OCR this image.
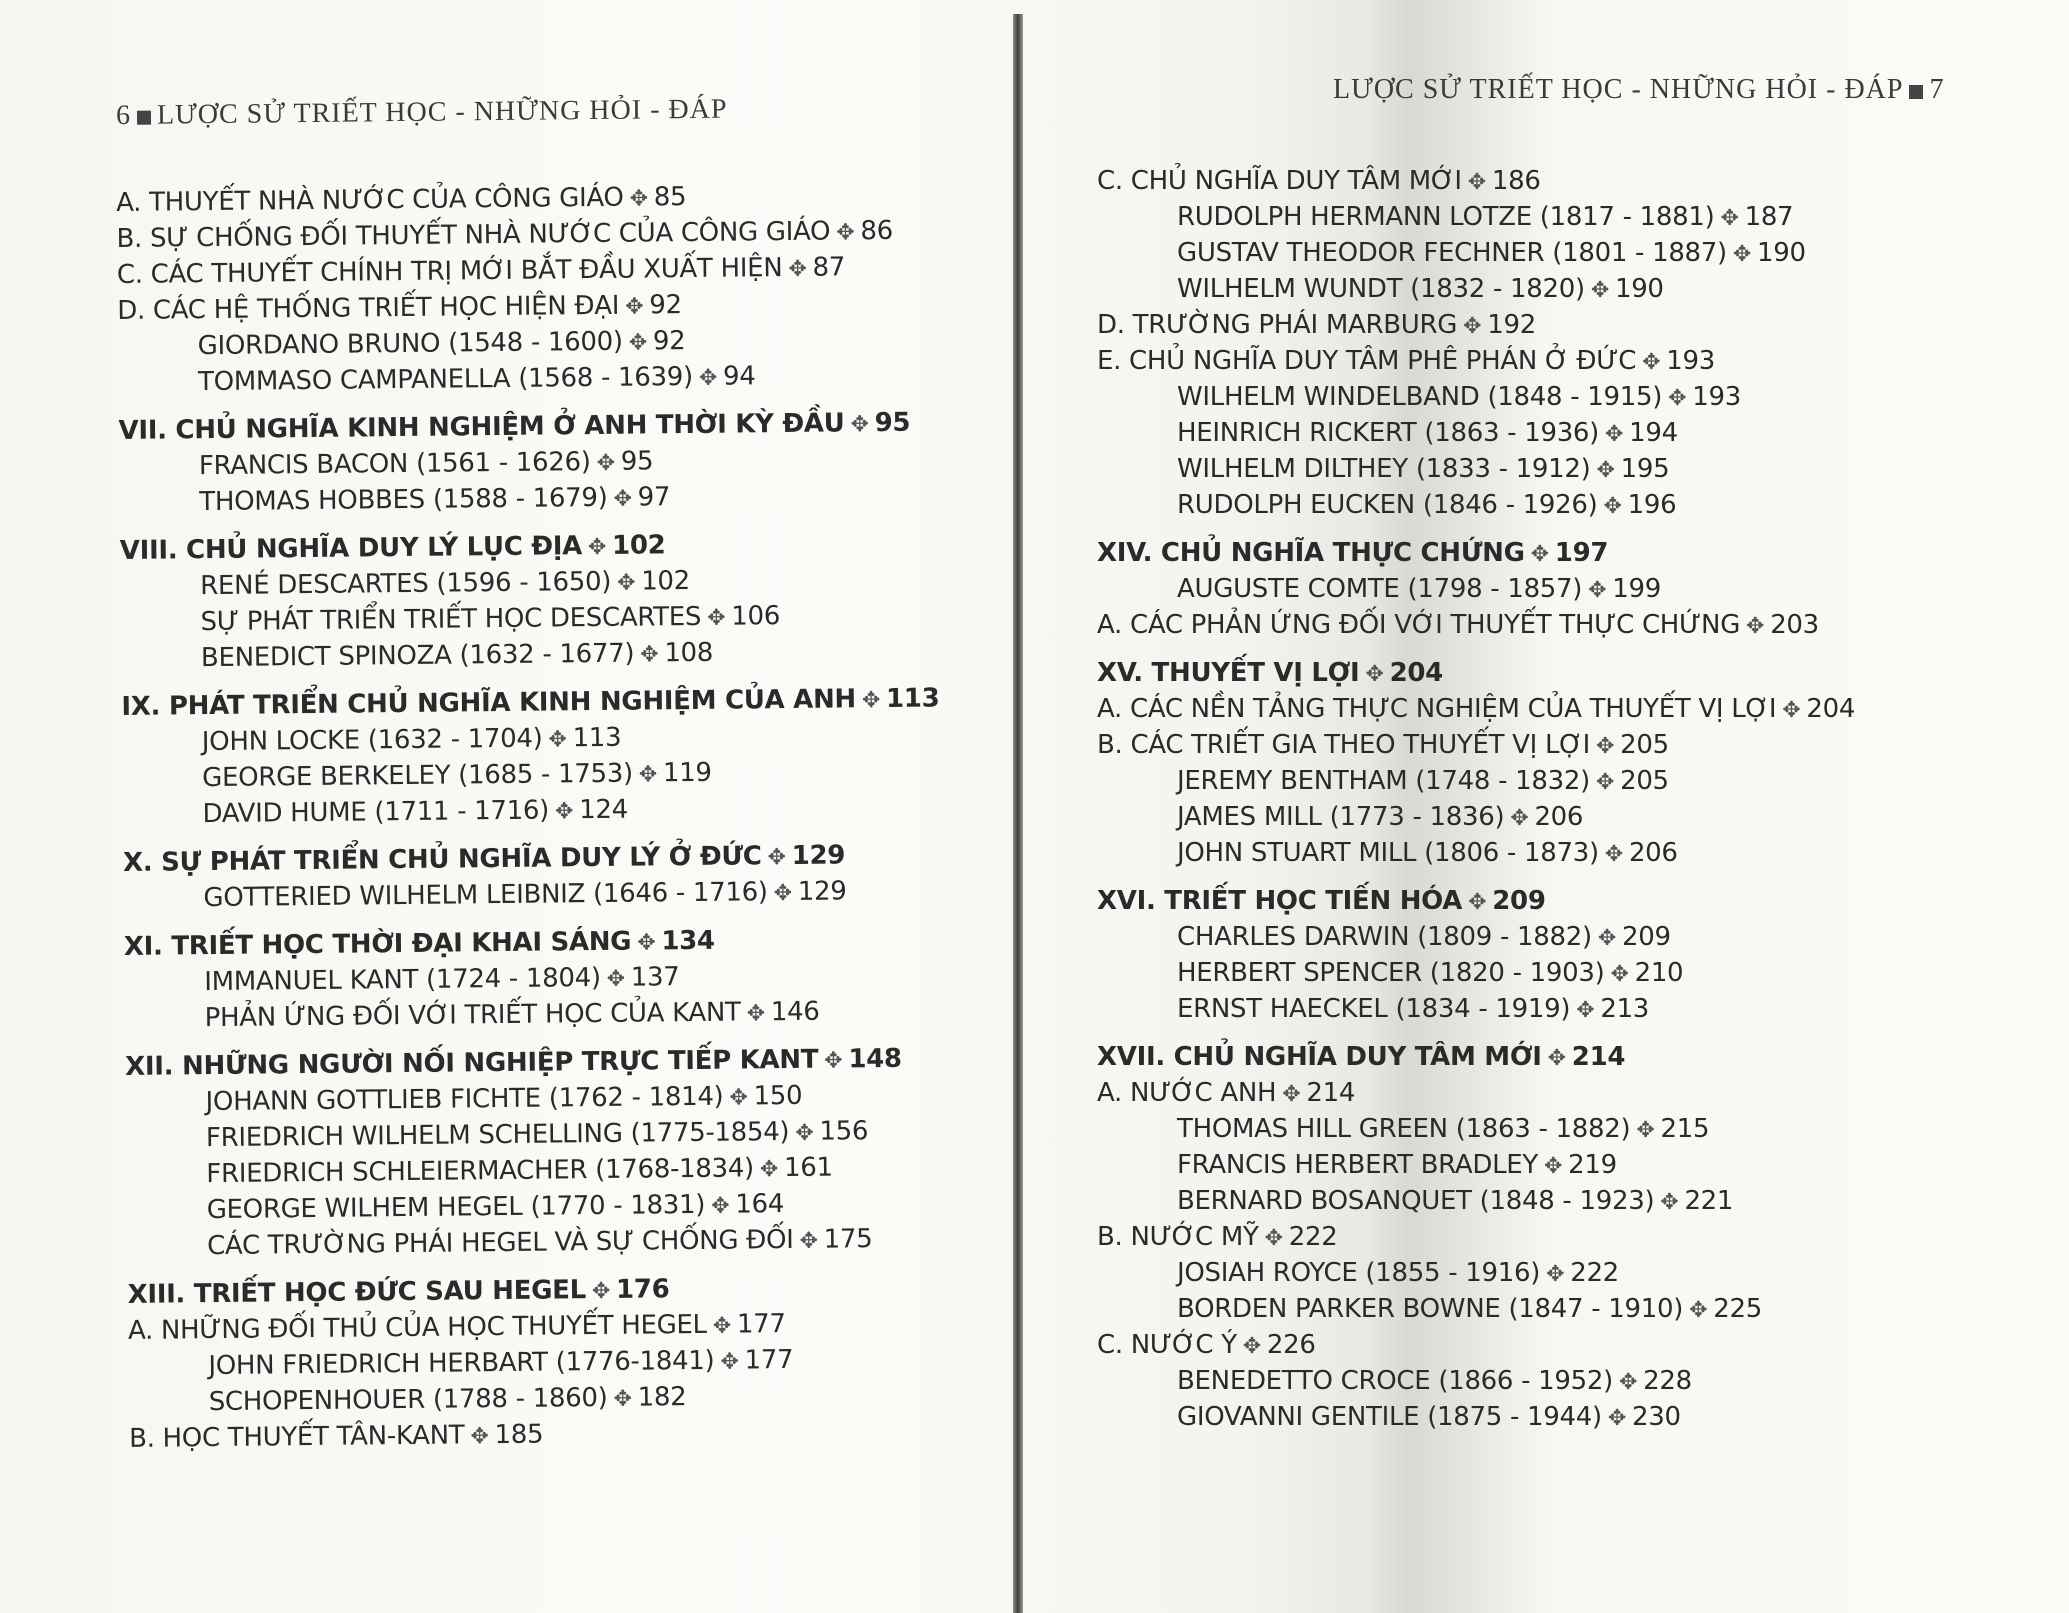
6 LƯỢC SỬ TRIẾT HỌC - NHỮNG HỎI - ĐÁP
A. THUYẾT NHÀ NƯỚC CỦA CÔNG GIÁO ✥ 85
B. SỰ CHỐNG ĐỐI THUYẾT NHÀ NƯỚC CỦA CÔNG GIÁO ✥ 86
C. CÁC THUYẾT CHÍNH TRỊ MỚI BẮT ĐẦU XUẤT HIỆN ✥ 87
D. CÁC HỆ THỐNG TRIẾT HỌC HIỆN ĐẠI ✥ 92
GIORDANO BRUNO (1548 - 1600) ✥ 92
TOMMASO CAMPANELLA (1568 - 1639) ✥ 94
VII. CHỦ NGHĨA KINH NGHIỆM Ở ANH THỜI KỲ ĐẦU ✥ 95
FRANCIS BACON (1561 - 1626) ✥ 95
THOMAS HOBBES (1588 - 1679) ✥ 97
VIII. CHỦ NGHĨA DUY LÝ LỤC ĐỊA ✥ 102
RENÉ DESCARTES (1596 - 1650) ✥ 102
SỰ PHÁT TRIỂN TRIẾT HỌC DESCARTES ✥ 106
BENEDICT SPINOZA (1632 - 1677) ✥ 108
IX. PHÁT TRIỂN CHỦ NGHĨA KINH NGHIỆM CỦA ANH ✥ 113
JOHN LOCKE (1632 - 1704) ✥ 113
GEORGE BERKELEY (1685 - 1753) ✥ 119
DAVID HUME (1711 - 1716) ✥ 124
X. SỰ PHÁT TRIỂN CHỦ NGHĨA DUY LÝ Ở ĐỨC ✥ 129
GOTTERIED WILHELM LEIBNIZ (1646 - 1716) ✥ 129
XI. TRIẾT HỌC THỜI ĐẠI KHAI SÁNG ✥ 134
IMMANUEL KANT (1724 - 1804) ✥ 137
PHẢN ỨNG ĐỐI VỚI TRIẾT HỌC CỦA KANT ✥ 146
XII. NHỮNG NGƯỜI NỐI NGHIỆP TRỰC TIẾP KANT ✥ 148
JOHANN GOTTLIEB FICHTE (1762 - 1814) ✥ 150
FRIEDRICH WILHELM SCHELLING (1775-1854) ✥ 156
FRIEDRICH SCHLEIERMACHER (1768-1834) ✥ 161
GEORGE WILHEM HEGEL (1770 - 1831) ✥ 164
CÁC TRƯỜNG PHÁI HEGEL VÀ SỰ CHỐNG ĐỐI ✥ 175
XIII. TRIẾT HỌC ĐỨC SAU HEGEL ✥ 176
A. NHỮNG ĐỐI THỦ CỦA HỌC THUYẾT HEGEL ✥ 177
JOHN FRIEDRICH HERBART (1776-1841) ✥ 177
SCHOPENHOUER (1788 - 1860) ✥ 182
B. HỌC THUYẾT TÂN-KANT ✥ 185
LƯỢC SỬ TRIẾT HỌC - NHỮNG HỎI - ĐÁP 7
C. CHỦ NGHĨA DUY TÂM MỚI ✥ 186
RUDOLPH HERMANN LOTZE (1817 - 1881) ✥ 187
GUSTAV THEODOR FECHNER (1801 - 1887) ✥ 190
WILHELM WUNDT (1832 - 1820) ✥ 190
D. TRƯỜNG PHÁI MARBURG ✥ 192
E. CHỦ NGHĨA DUY TÂM PHÊ PHÁN Ở ĐỨC ✥ 193
WILHELM WINDELBAND (1848 - 1915) ✥ 193
HEINRICH RICKERT (1863 - 1936) ✥ 194
WILHELM DILTHEY (1833 - 1912) ✥ 195
RUDOLPH EUCKEN (1846 - 1926) ✥ 196
XIV. CHỦ NGHĨA THỰC CHỨNG ✥ 197
AUGUSTE COMTE (1798 - 1857) ✥ 199
A. CÁC PHẢN ỨNG ĐỐI VỚI THUYẾT THỰC CHỨNG ✥ 203
XV. THUYẾT VỊ LỢI ✥ 204
A. CÁC NỀN TẢNG THỰC NGHIỆM CỦA THUYẾT VỊ LỢI ✥ 204
B. CÁC TRIẾT GIA THEO THUYẾT VỊ LỢI ✥ 205
JEREMY BENTHAM (1748 - 1832) ✥ 205
JAMES MILL (1773 - 1836) ✥ 206
JOHN STUART MILL (1806 - 1873) ✥ 206
XVI. TRIẾT HỌC TIẾN HÓA ✥ 209
CHARLES DARWIN (1809 - 1882) ✥ 209
HERBERT SPENCER (1820 - 1903) ✥ 210
ERNST HAECKEL (1834 - 1919) ✥ 213
XVII. CHỦ NGHĨA DUY TÂM MỚI ✥ 214
A. NƯỚC ANH ✥ 214
THOMAS HILL GREEN (1863 - 1882) ✥ 215
FRANCIS HERBERT BRADLEY ✥ 219
BERNARD BOSANQUET (1848 - 1923) ✥ 221
B. NƯỚC MỸ ✥ 222
JOSIAH ROYCE (1855 - 1916) ✥ 222
BORDEN PARKER BOWNE (1847 - 1910) ✥ 225
C. NƯỚC Ý ✥ 226
BENEDETTO CROCE (1866 - 1952) ✥ 228
GIOVANNI GENTILE (1875 - 1944) ✥ 230
